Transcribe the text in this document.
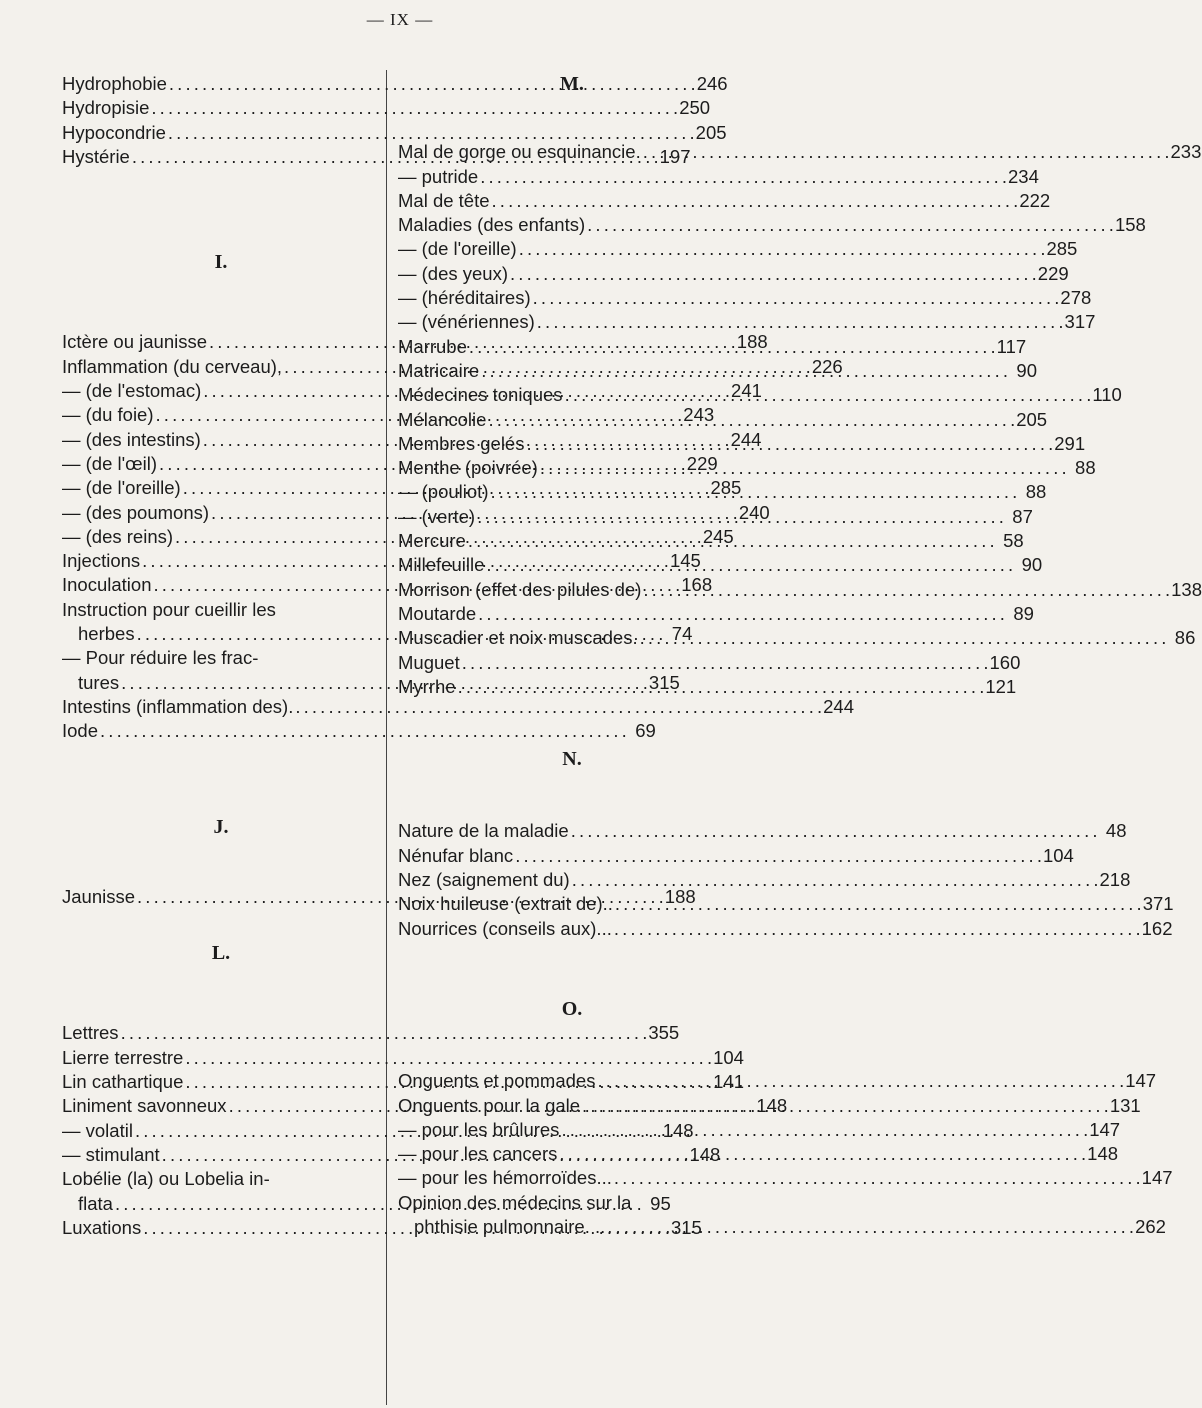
— IX —
Hydrophobie . . .	246
Hydropisie . . .	250
Hypocondrie . . .	205
Hystérie . . .	197
I.
Ictère ou jaunisse . . .	188
Inflammation (du cerveau), . . .	226
— (de l'estomac) . . .	241
— (du foie) . . .	243
— (des intestins) . . .	244
— (de l'œil) . . .	229
— (de l'oreille) . . .	285
— (des poumons) . . .	240
— (des reins) . . .	245
Injections . . .	145
Inoculation . . .	168
Instruction pour cueillir les
herbes . . .	74
— Pour réduire les frac-
tures . . .	315
Intestins (inflammation des). . . .	244
Iode . . .	69
J.
Jaunisse . . .	188
L.
Lettres . . .	355
Lierre terrestre . . .	104
Lin cathartique . . .	141
Liniment savonneux . . .	148
— volatil . . .	148
— stimulant . . .	148
Lobélie (la) ou Lobelia in-
flata . . .	95
Luxations . . .	315
M.
Mal de gorge ou esquinancie. . . .	233
— putride . . .	234
Mal de tête . . .	222
Maladies (des enfants) . . .	158
— (de l'oreille) . . .	285
— (des yeux) . . .	229
— (héréditaires) . . .	278
— (vénériennes) . . .	317
Marrube . . .	117
Matricaire . . .	90
Médecines toniques . . .	110
Mélancolie . . .	205
Membres gelés . . .	291
Menthe (poivrée) . . .	88
— (pouliot) . . .	88
— (verte) . . .	87
Mercure . . .	58
Millefeuille . . .	90
Morrison (effet des pilules de) . . .	138
Moutarde . . .	89
Muscadier et noix muscades. . . .	86
Muguet . . .	160
Myrrhe . . .	121
N.
Nature de la maladie . . .	48
Nénufar blanc . . .	104
Nez (saignement du) . . .	218
Noix huileuse (extrait de).. . . .	371
Nourrices (conseils aux)... . . .	162
O.
Onguents et pommades . . .	147
Onguents pour la gale . . .	131
— pour les brûlures . . .	147
— pour les cancers . . .	148
— pour les hémorroïdes... . . .	147
Opinion des médecins sur la
phthisie pulmonnaire. .. . . .	262
